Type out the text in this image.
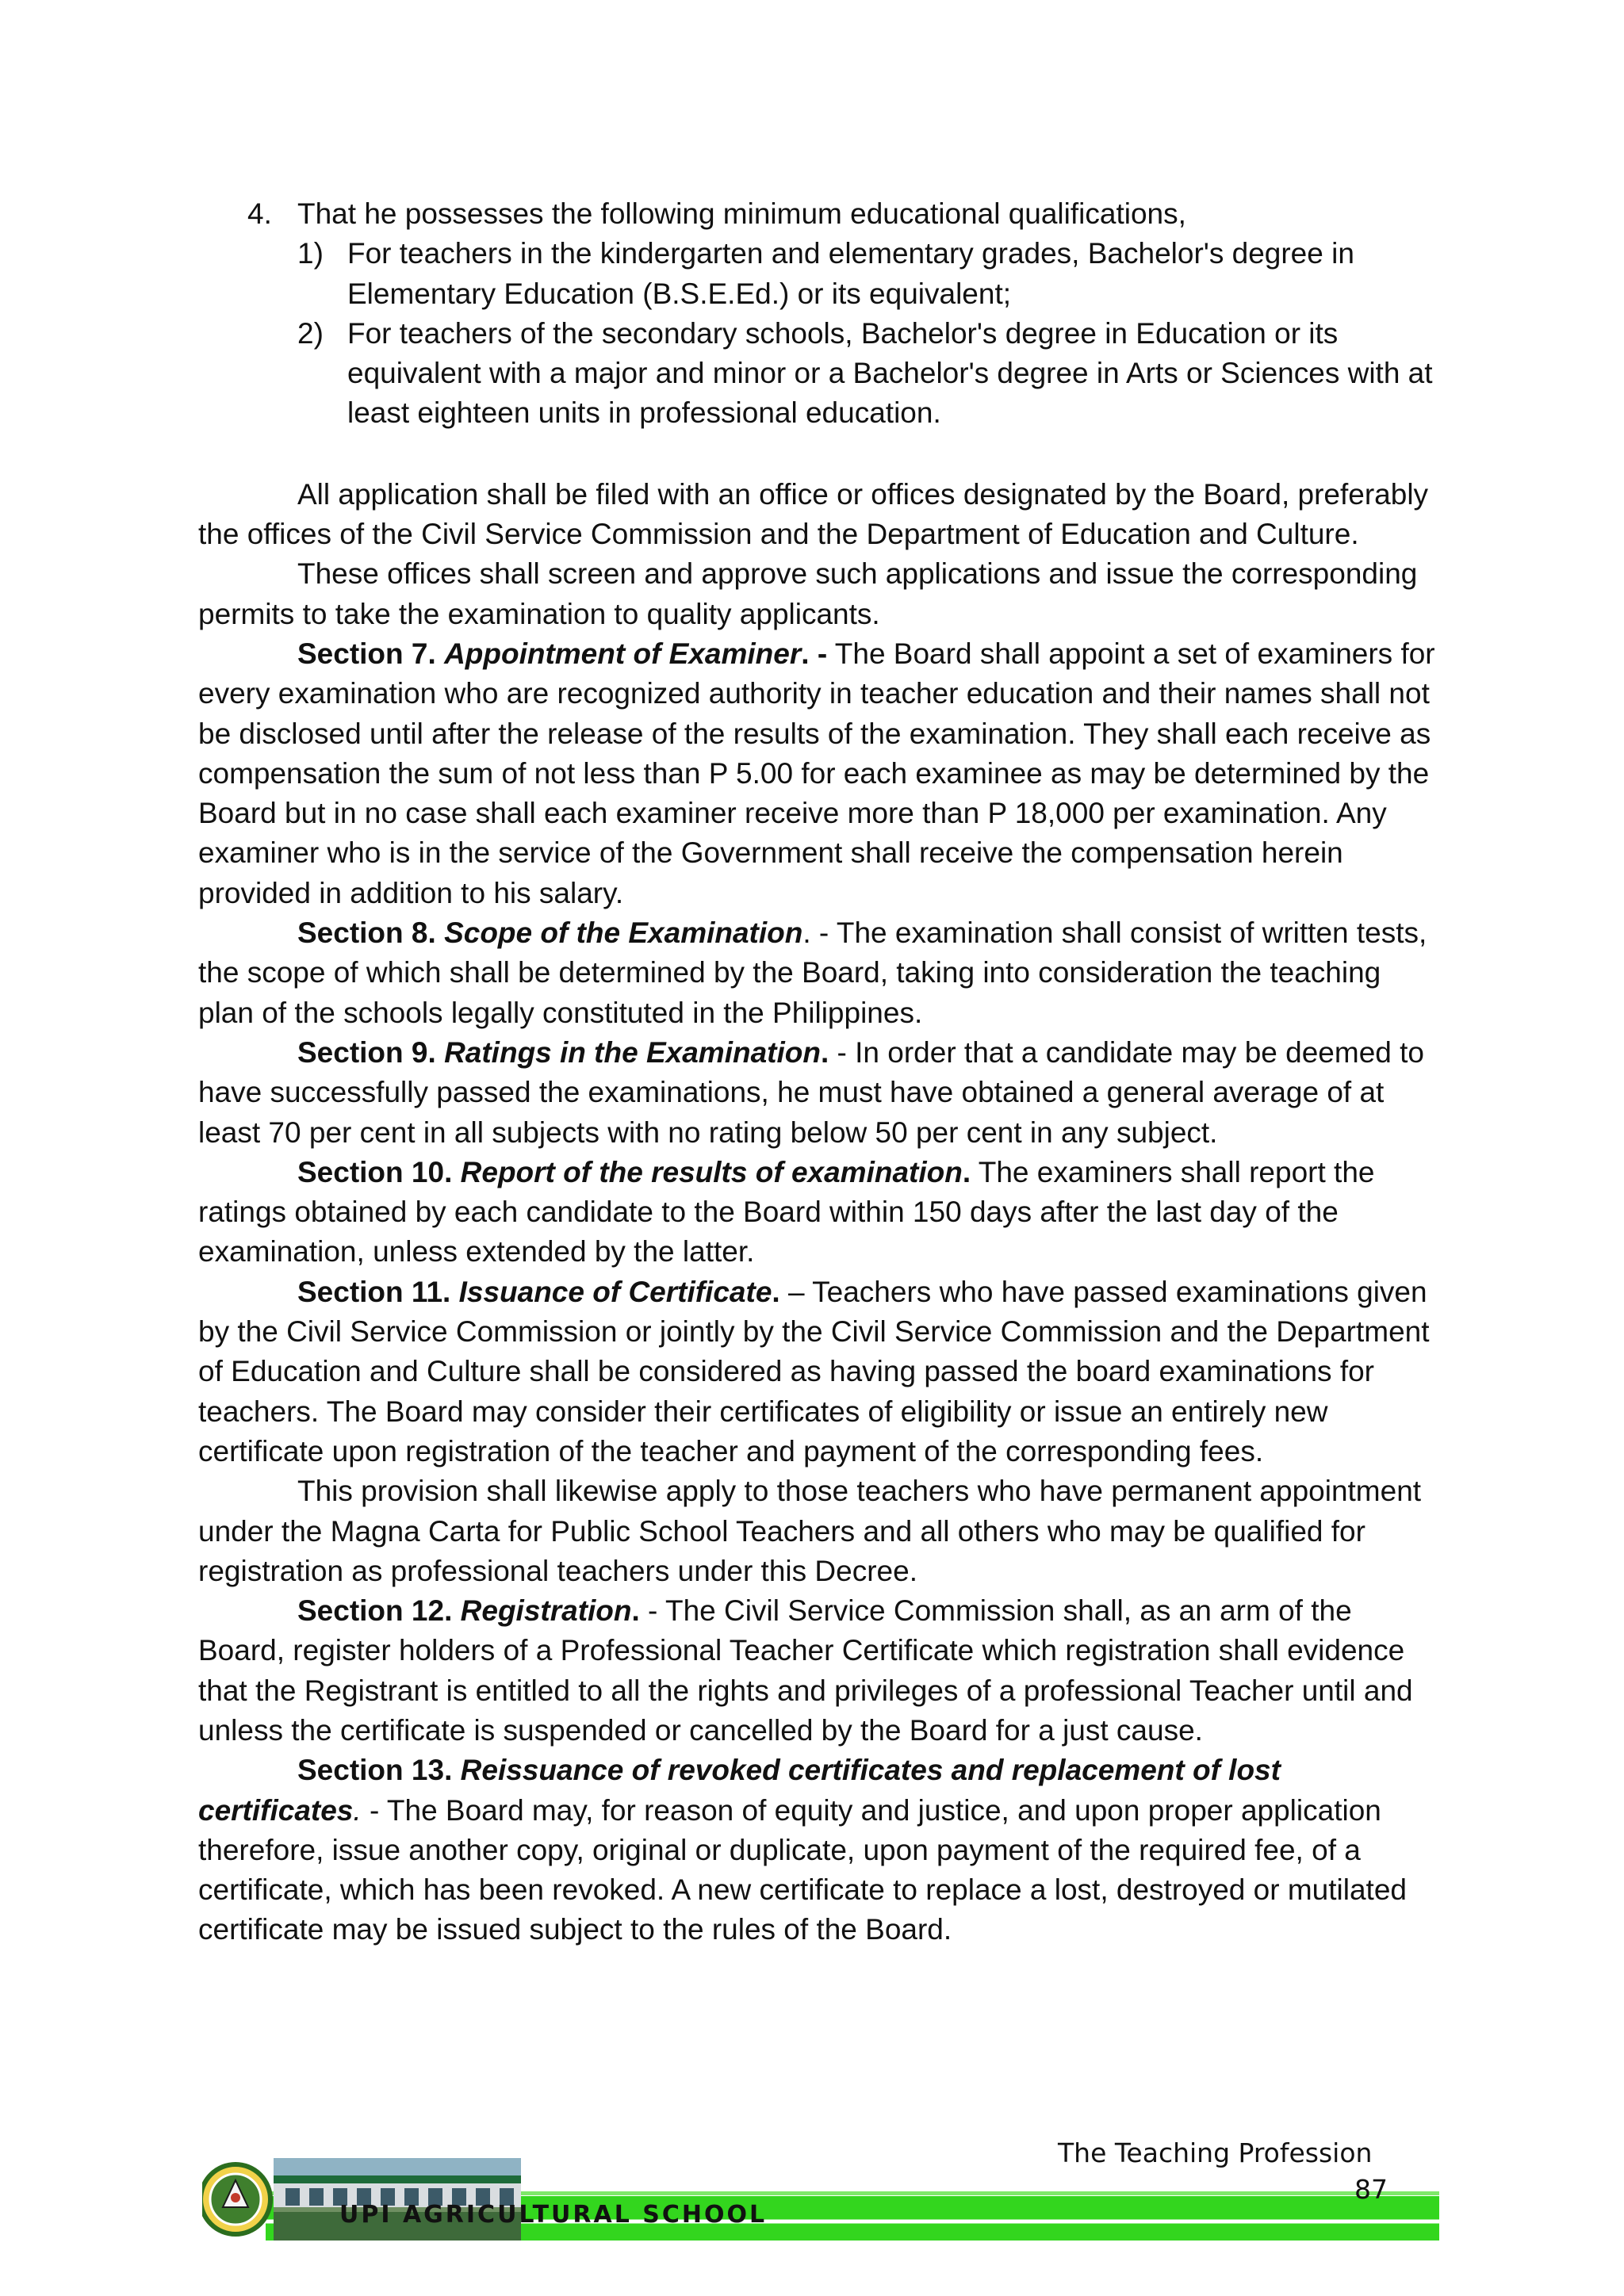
4. That he possesses the following minimum educational qualifications,

1) For teachers in the kindergarten and elementary grades, Bachelor's degree in Elementary Education (B.S.E.Ed.) or its equivalent;

2) For teachers of the secondary schools, Bachelor's degree in Education or its equivalent with a major and minor or a Bachelor's degree in Arts or Sciences with at least eighteen units in professional education.

All application shall be filed with an office or offices designated by the Board, preferably the offices of the Civil Service Commission and the Department of Education and Culture.

These offices shall screen and approve such applications and issue the corresponding permits to take the examination to quality applicants.

Section 7. Appointment of Examiner. - The Board shall appoint a set of examiners for every examination who are recognized authority in teacher education and their names shall not be disclosed until after the release of the results of the examination. They shall each receive as compensation the sum of not less than P 5.00 for each examinee as may be determined by the Board but in no case shall each examiner receive more than P 18,000 per examination. Any examiner who is in the service of the Government shall receive the compensation herein provided in addition to his salary.

Section 8. Scope of the Examination. - The examination shall consist of written tests, the scope of which shall be determined by the Board, taking into consideration the teaching plan of the schools legally constituted in the Philippines.

Section 9. Ratings in the Examination. - In order that a candidate may be deemed to have successfully passed the examinations, he must have obtained a general average of at least 70 per cent in all subjects with no rating below 50 per cent in any subject.

Section 10. Report of the results of examination. The examiners shall report the ratings obtained by each candidate to the Board within 150 days after the last day of the examination, unless extended by the latter.

Section 11. Issuance of Certificate. – Teachers who have passed examinations given by the Civil Service Commission or jointly by the Civil Service Commission and the Department of Education and Culture shall be considered as having passed the board examinations for teachers. The Board may consider their certificates of eligibility or issue an entirely new certificate upon registration of the teacher and payment of the corresponding fees.

This provision shall likewise apply to those teachers who have permanent appointment under the Magna Carta for Public School Teachers and all others who may be qualified for registration as professional teachers under this Decree.

Section 12. Registration. - The Civil Service Commission shall, as an arm of the Board, register holders of a Professional Teacher Certificate which registration shall evidence that the Registrant is entitled to all the rights and privileges of a professional Teacher until and unless the certificate is suspended or cancelled by the Board for a just cause.

Section 13. Reissuance of revoked certificates and replacement of lost certificates. - The Board may, for reason of equity and justice, and upon proper application therefore, issue another copy, original or duplicate, upon payment of the required fee, of a certificate, which has been revoked. A new certificate to replace a lost, destroyed or mutilated certificate may be issued subject to the rules of the Board.

The Teaching Profession
UPI AGRICULTURAL SCHOOL
87
